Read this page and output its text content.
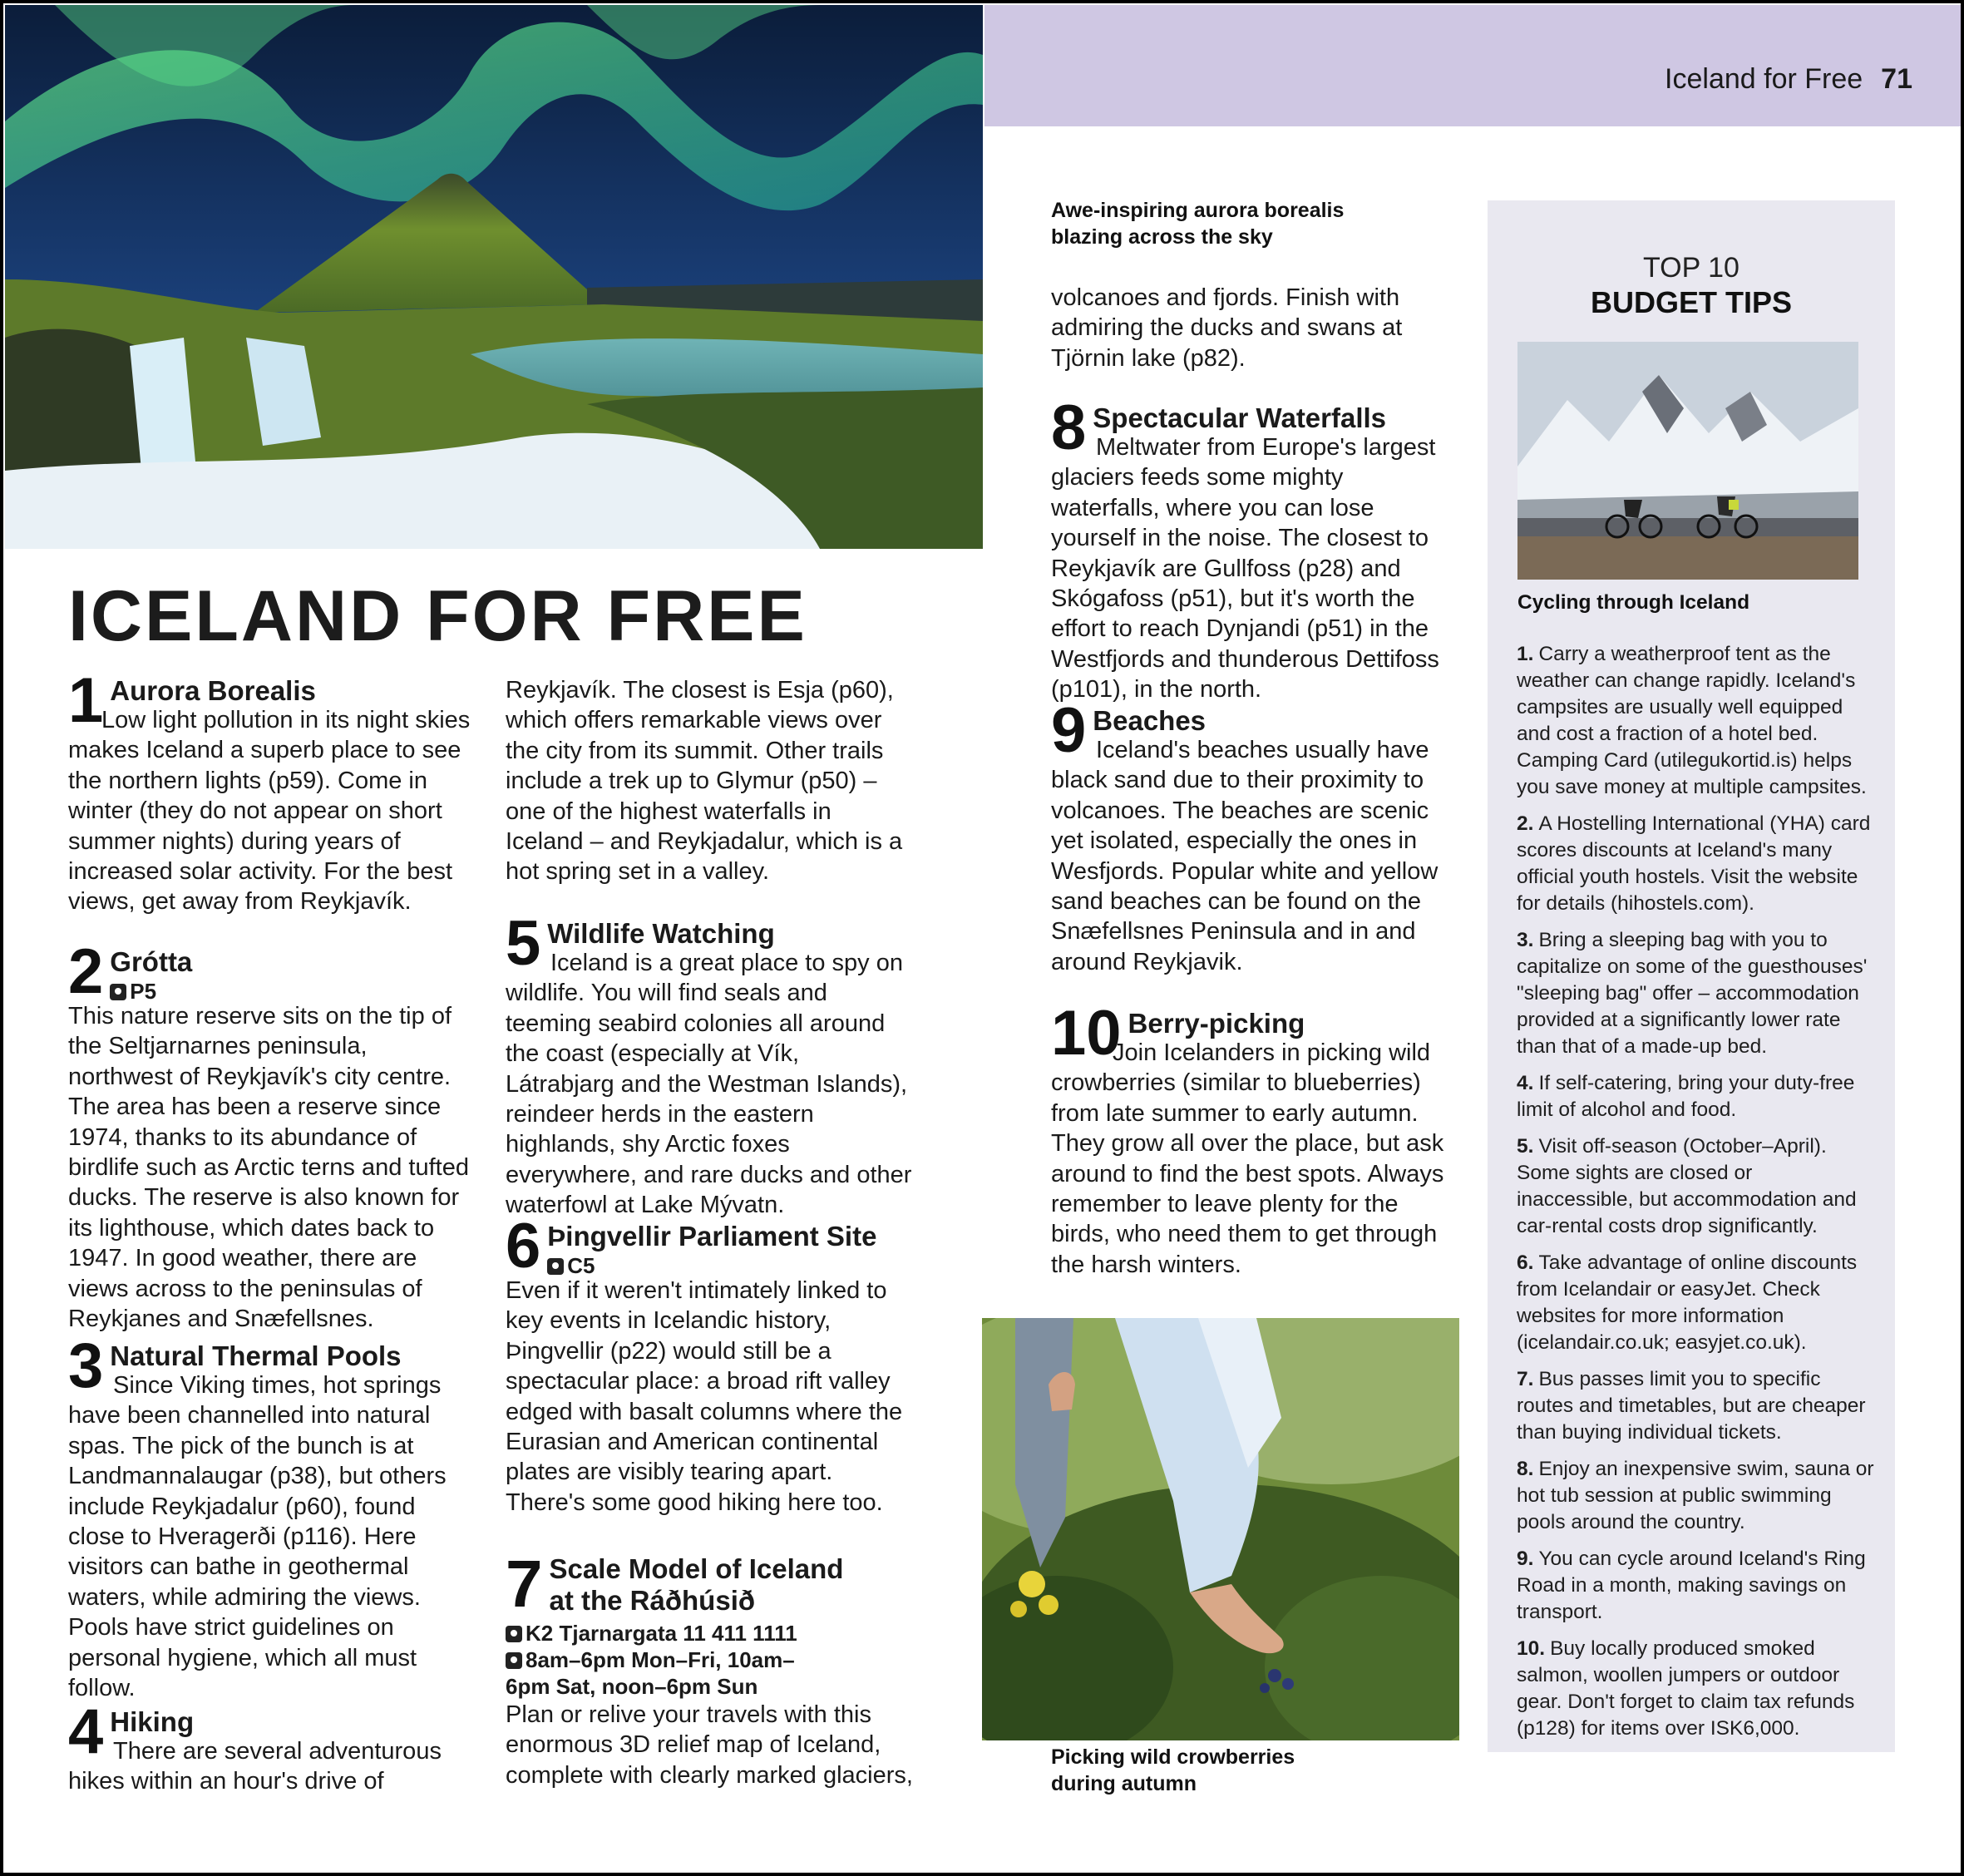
Iceland for Free 71
Awe-inspiring aurora borealis
blazing across the sky
ICELAND FOR FREE
1 Aurora Borealis
Low light pollution in its night skies makes Iceland a superb place to see the northern lights (p59). Come in winter (they do not appear on short summer nights) during years of increased solar activity. For the best views, get away from Reykjavík.
2 Grótta
P5
This nature reserve sits on the tip of the Seltjarnarnes peninsula, northwest of Reykjavík's city centre. The area has been a reserve since 1974, thanks to its abundance of birdlife such as Arctic terns and tufted ducks. The reserve is also known for its lighthouse, which dates back to 1947. In good weather, there are views across to the peninsulas of Reykjanes and Snæfellsnes.
3 Natural Thermal Pools
Since Viking times, hot springs have been channelled into natural spas. The pick of the bunch is at Landmannalaugar (p38), but others include Reykjadalur (p60), found close to Hveragerði (p116). Here visitors can bathe in geothermal waters, while admiring the views. Pools have strict guidelines on personal hygiene, which all must follow.
4 Hiking
There are several adventurous hikes within an hour's drive of
Reykjavík. The closest is Esja (p60), which offers remarkable views over the city from its summit. Other trails include a trek up to Glymur (p50) – one of the highest waterfalls in Iceland – and Reykjadalur, which is a hot spring set in a valley.
5 Wildlife Watching
Iceland is a great place to spy on wildlife. You will find seals and teeming seabird colonies all around the coast (especially at Vík, Látrabjarg and the Westman Islands), reindeer herds in the eastern highlands, shy Arctic foxes everywhere, and rare ducks and other waterfowl at Lake Mývatn.
6 Þingvellir Parliament Site
C5
Even if it weren't intimately linked to key events in Icelandic history, Þingvellir (p22) would still be a spectacular place: a broad rift valley edged with basalt columns where the Eurasian and American continental plates are visibly tearing apart. There's some good hiking here too.
7 Scale Model of Iceland
at the Ráðhúsið
K2 Tjarnargata 11 411 1111
8am–6pm Mon–Fri, 10am–
6pm Sat, noon–6pm Sun
Plan or relive your travels with this enormous 3D relief map of Iceland, complete with clearly marked glaciers,
volcanoes and fjords. Finish with admiring the ducks and swans at Tjörnin lake (p82).
8 Spectacular Waterfalls
Meltwater from Europe's largest glaciers feeds some mighty waterfalls, where you can lose yourself in the noise. The closest to Reykjavík are Gullfoss (p28) and Skógafoss (p51), but it's worth the effort to reach Dynjandi (p51) in the Westfjords and thunderous Dettifoss (p101), in the north.
9 Beaches
Iceland's beaches usually have black sand due to their proximity to volcanoes. The beaches are scenic yet isolated, especially the ones in Wesfjords. Popular white and yellow sand beaches can be found on the Snæfellsnes Peninsula and in and around Reykjavik.
10 Berry-picking
Join Icelanders in picking wild crowberries (similar to blueberries) from late summer to early autumn. They grow all over the place, but ask around to find the best spots. Always remember to leave plenty for the birds, who need them to get through the harsh winters.
Picking wild crowberries
during autumn
TOP 10
BUDGET TIPS
Cycling through Iceland
1. Carry a weatherproof tent as the weather can change rapidly. Iceland's campsites are usually well equipped and cost a fraction of a hotel bed. Camping Card (utilegukortid.is) helps you save money at multiple campsites.
2. A Hostelling International (YHA) card scores discounts at Iceland's many official youth hostels. Visit the website for details (hihostels.com).
3. Bring a sleeping bag with you to capitalize on some of the guesthouses' "sleeping bag" offer – accommodation provided at a significantly lower rate than that of a made-up bed.
4. If self-catering, bring your duty-free limit of alcohol and food.
5. Visit off-season (October–April). Some sights are closed or inaccessible, but accommodation and car-rental costs drop significantly.
6. Take advantage of online discounts from Icelandair or easyJet. Check websites for more information (icelandair.co.uk; easyjet.co.uk).
7. Bus passes limit you to specific routes and timetables, but are cheaper than buying individual tickets.
8. Enjoy an inexpensive swim, sauna or hot tub session at public swimming pools around the country.
9. You can cycle around Iceland's Ring Road in a month, making savings on transport.
10. Buy locally produced smoked salmon, woollen jumpers or outdoor gear. Don't forget to claim tax refunds (p128) for items over ISK6,000.
